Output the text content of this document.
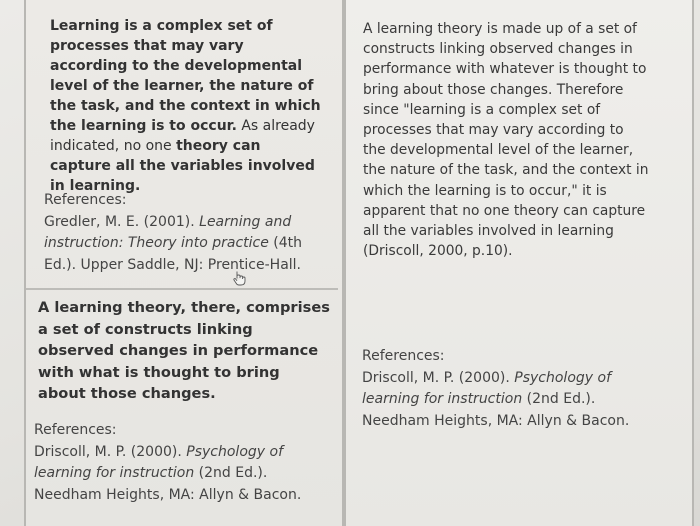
Learning is a complex set of processes that may vary according to the developmental level of the learner, the nature of the task, and the context in which the learning is to occur. As already indicated, no one theory can capture all the variables involved in learning.
References:
Gredler, M. E. (2001). Learning and
instruction: Theory into practice (4th
Ed.). Upper Saddle, NJ: Prentice-Hall.
A learning theory, there, comprises a set of constructs linking observed changes in performance with what is thought to bring about those changes.
References:
Driscoll, M. P. (2000). Psychology of
learning for instruction (2nd Ed.).
Needham Heights, MA: Allyn & Bacon.
A learning theory is made up of a set of constructs linking observed changes in performance with whatever is thought to bring about those changes. Therefore since "learning is a complex set of processes that may vary according to the developmental level of the learner, the nature of the task, and the context in which the learning is to occur," it is apparent that no one theory can capture all the variables involved in learning (Driscoll, 2000, p.10).
References:
Driscoll, M. P. (2000). Psychology of
learning for instruction (2nd Ed.).
Needham Heights, MA: Allyn & Bacon.
